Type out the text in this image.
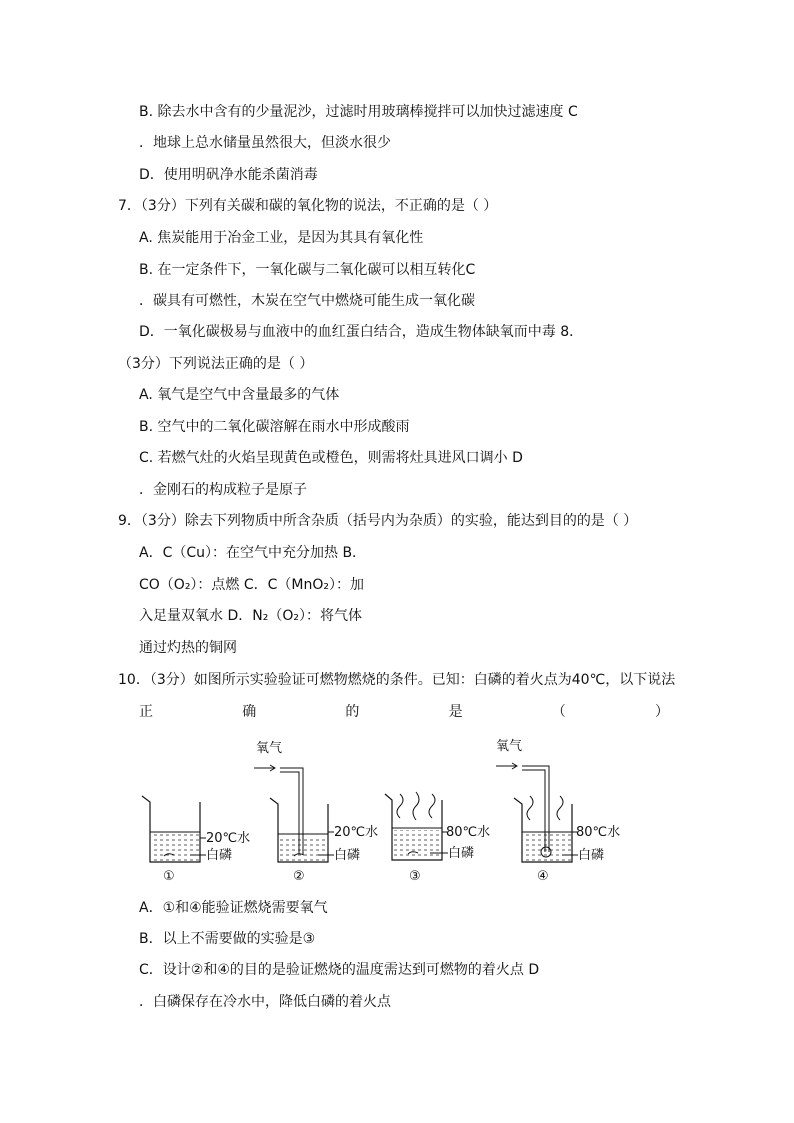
B. 除去水中含有的少量泥沙，过滤时用玻璃棒搅拌可以加快过滤速度 C
．地球上总水储量虽然很大，但淡水很少
D．使用明矾净水能杀菌消毒
7．（3分）下列有关碳和碳的氧化物的说法，不正确的是（ ）
A. 焦炭能用于冶金工业，是因为其具有氧化性
B. 在一定条件下，一氧化碳与二氧化碳可以相互转化C
．碳具有可燃性，木炭在空气中燃烧可能生成一氧化碳
D．一氧化碳极易与血液中的血红蛋白结合，造成生物体缺氧而中毒 8．
（3分）下列说法正确的是（ ）
A. 氧气是空气中含量最多的气体
B. 空气中的二氧化碳溶解在雨水中形成酸雨
C. 若燃气灶的火焰呈现黄色或橙色，则需将灶具进风口调小 D
．金刚石的构成粒子是原子
9．（3分）除去下列物质中所含杂质（括号内为杂质）的实验，能达到目的的是（ ）
A．C（Cu）：在空气中充分加热 B．
CO（O₂）：点燃 C．C（MnO₂）：加
入足量双氧水 D．N₂（O₂）：将气体
通过灼热的铜网
10．（3分）如图所示实验验证可燃物燃烧的条件。已知：白磷的着火点为40℃，以下说法
正	确	的	是	（	）
20℃水
白磷
①
氧气
20℃水
白磷
②
80℃水
白磷
③
氧气
80℃水
白磷
④
A．①和④能验证燃烧需要氧气
B．以上不需要做的实验是③
C．设计②和④的目的是验证燃烧的温度需达到可燃物的着火点 D
．白磷保存在冷水中，降低白磷的着火点
